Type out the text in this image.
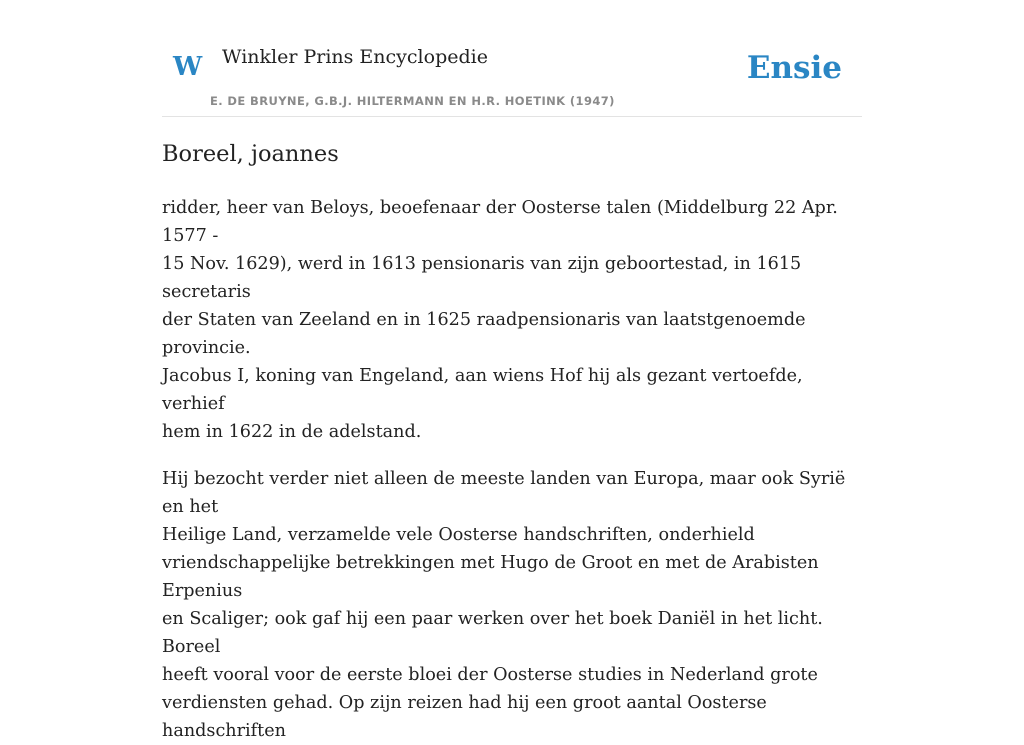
W Winkler Prins Encyclopedie
E. DE BRUYNE, G.B.J. HILTERMANN EN H.R. HOETINK (1947)
Ensie
Boreel, joannes

ridder, heer van Beloys, beoefenaar der Oosterse talen (Middelburg 22 Apr. 1577 -
15 Nov. 1629), werd in 1613 pensionaris van zijn geboortestad, in 1615 secretaris
der Staten van Zeeland en in 1625 raadpensionaris van laatstgenoemde provincie.
Jacobus I, koning van Engeland, aan wiens Hof hij als gezant vertoefde, verhief
hem in 1622 in de adelstand.

Hij bezocht verder niet alleen de meeste landen van Europa, maar ook Syrië en het
Heilige Land, verzamelde vele Oosterse handschriften, onderhield
vriendschappelijke betrekkingen met Hugo de Groot en met de Arabisten Erpenius
en Scaliger; ook gaf hij een paar werken over het boek Daniël in het licht. Boreel
heeft vooral voor de eerste bloei der Oosterse studies in Nederland grote
verdiensten gehad. Op zijn reizen had hij een groot aantal Oosterse handschriften
